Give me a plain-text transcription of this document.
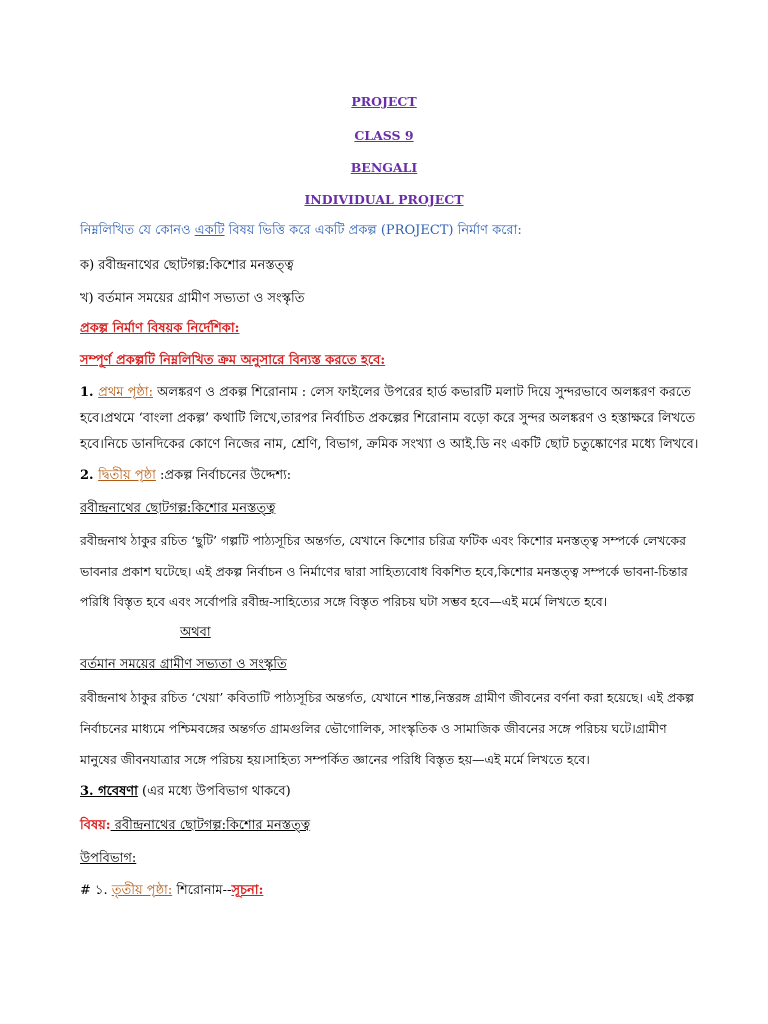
PROJECT
CLASS 9
BENGALI
INDIVIDUAL PROJECT
নিম্নলিখিত যে কোনও একটি বিষয় ভিত্তি করে একটি প্রকল্প (PROJECT) নির্মাণ করো:
ক) রবীন্দ্রনাথের ছোটগল্প:কিশোর মনস্তত্ত্ব
খ) বর্তমান সময়ের গ্রামীণ সভ্যতা ও সংস্কৃতি
প্রকল্প নির্মাণ বিষয়ক নির্দেশিকা:
সম্পূর্ণ প্রকল্পটি নিম্নলিখিত ক্রম অনুসারে বিন্যস্ত করতে হবে:
1. প্রথম পৃষ্ঠা: অলঙ্করণ ও প্রকল্প শিরোনাম : লেস ফাইলের উপরের হার্ড কভারটি মলাট দিয়ে সুন্দরভাবে অলঙ্করণ করতে
হবে।প্রথমে ‘বাংলা প্রকল্প’ কথাটি লিখে,তারপর নির্বাচিত প্রকল্পের শিরোনাম বড়ো করে সুন্দর অলঙ্করণ ও হস্তাক্ষরে লিখতে
হবে।নিচে ডানদিকের কোণে নিজের নাম, শ্রেণি, বিভাগ, ক্রমিক সংখ্যা ও আই.ডি নং একটি ছোট চতুষ্কোণের মধ্যে লিখবে।
2. দ্বিতীয় পৃষ্ঠা :প্রকল্প নির্বাচনের উদ্দেশ্য:
রবীন্দ্রনাথের ছোটগল্প:কিশোর মনস্তত্ত্ব
রবীন্দ্রনাথ ঠাকুর রচিত ‘ছুটি’ গল্পটি পাঠ্যসূচির অন্তর্গত, যেখানে কিশোর চরিত্র ফটিক এবং কিশোর মনস্তত্ত্ব সম্পর্কে লেখকের
ভাবনার প্রকাশ ঘটেছে। এই প্রকল্প নির্বাচন ও নির্মাণের দ্বারা সাহিত্যবোধ বিকশিত হবে,কিশোর মনস্তত্ত্ব সম্পর্কে ভাবনা-চিন্তার
পরিধি বিস্তৃত হবে এবং সর্বোপরি রবীন্দ্র-সাহিত্যের সঙ্গে বিস্তৃত পরিচয় ঘটা সম্ভব হবে—এই মর্মে লিখতে হবে।
অথবা
বর্তমান সময়ের গ্রামীণ সভ্যতা ও সংস্কৃতি
রবীন্দ্রনাথ ঠাকুর রচিত ‘খেয়া’ কবিতাটি পাঠ্যসূচির অন্তর্গত, যেখানে শান্ত,নিস্তরঙ্গ গ্রামীণ জীবনের বর্ণনা করা হয়েছে। এই প্রকল্প
নির্বাচনের মাধ্যমে পশ্চিমবঙ্গের অন্তর্গত গ্রামগুলির ভৌগোলিক, সাংস্কৃতিক ও সামাজিক জীবনের সঙ্গে পরিচয় ঘটে।গ্রামীণ
মানুষের জীবনযাত্রার সঙ্গে পরিচয় হয়।সাহিত্য সম্পর্কিত জ্ঞানের পরিধি বিস্তৃত হয়—এই মর্মে লিখতে হবে।
3. গবেষণা (এর মধ্যে উপবিভাগ থাকবে)
বিষয়: রবীন্দ্রনাথের ছোটগল্প:কিশোর মনস্তত্ত্ব
উপবিভাগ:
# ১. তৃতীয় পৃষ্ঠা: শিরোনাম--সূচনা:
